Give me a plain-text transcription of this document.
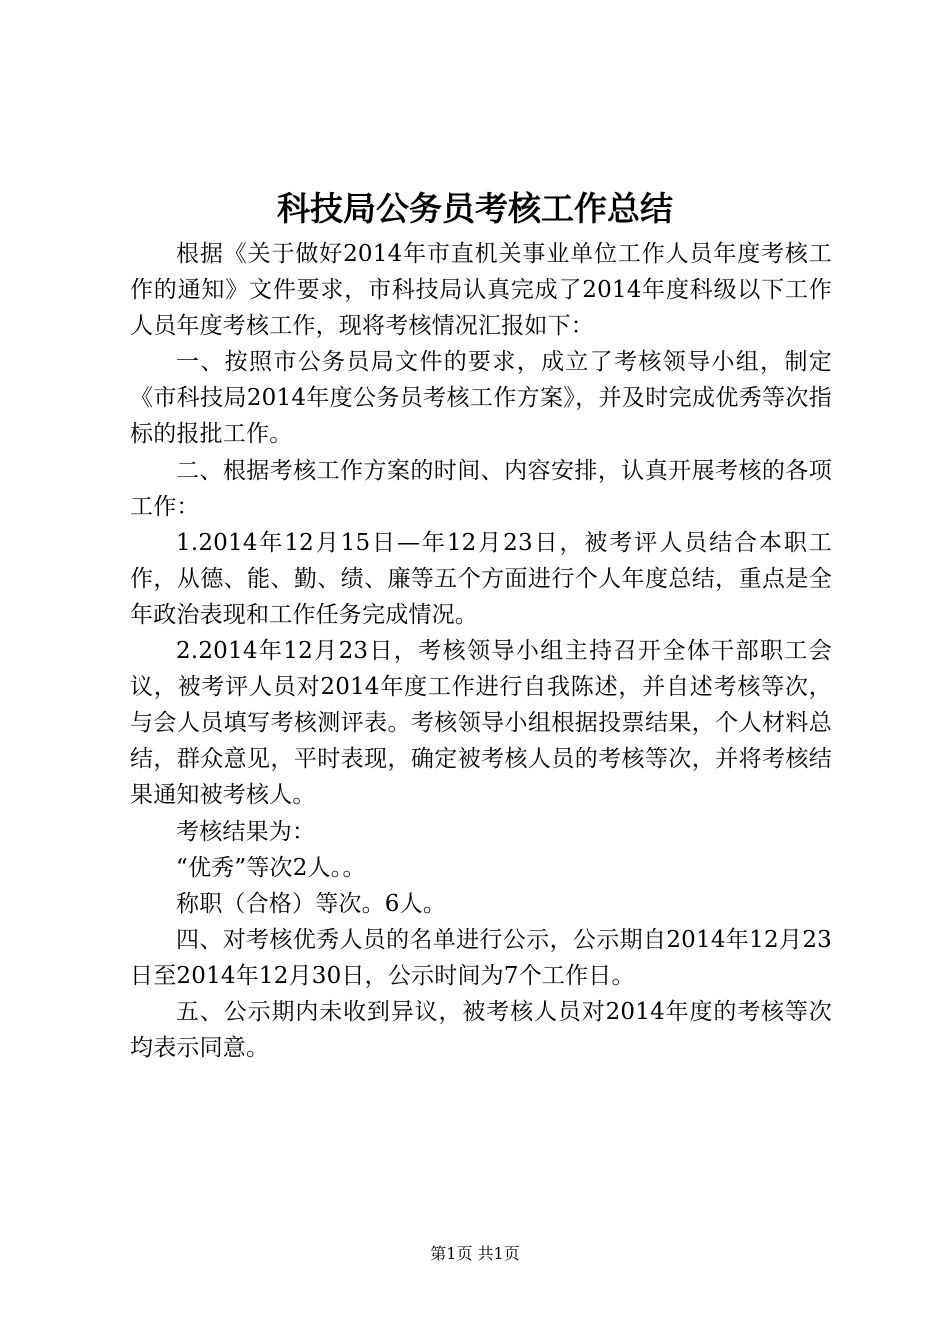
科技局公务员考核工作总结

根据《关于做好2014年市直机关事业单位工作人员年度考核工作的通知》文件要求，市科技局认真完成了2014年度科级以下工作人员年度考核工作，现将考核情况汇报如下：

一、按照市公务员局文件的要求，成立了考核领导小组，制定《市科技局2014年度公务员考核工作方案》，并及时完成优秀等次指标的报批工作。

二、根据考核工作方案的时间、内容安排，认真开展考核的各项工作：

1.2014年12月15日—年12月23日，被考评人员结合本职工作，从德、能、勤、绩、廉等五个方面进行个人年度总结，重点是全年政治表现和工作任务完成情况。

2.2014年12月23日，考核领导小组主持召开全体干部职工会议，被考评人员对2014年度工作进行自我陈述，并自述考核等次，与会人员填写考核测评表。考核领导小组根据投票结果，个人材料总结，群众意见，平时表现，确定被考核人员的考核等次，并将考核结果通知被考核人。

考核结果为：

“优秀”等次2人。。

称职（合格）等次。6人。

四、对考核优秀人员的名单进行公示，公示期自2014年12月23日至2014年12月30日，公示时间为7个工作日。

五、公示期内未收到异议，被考核人员对2014年度的考核等次均表示同意。

第1页 共1页
